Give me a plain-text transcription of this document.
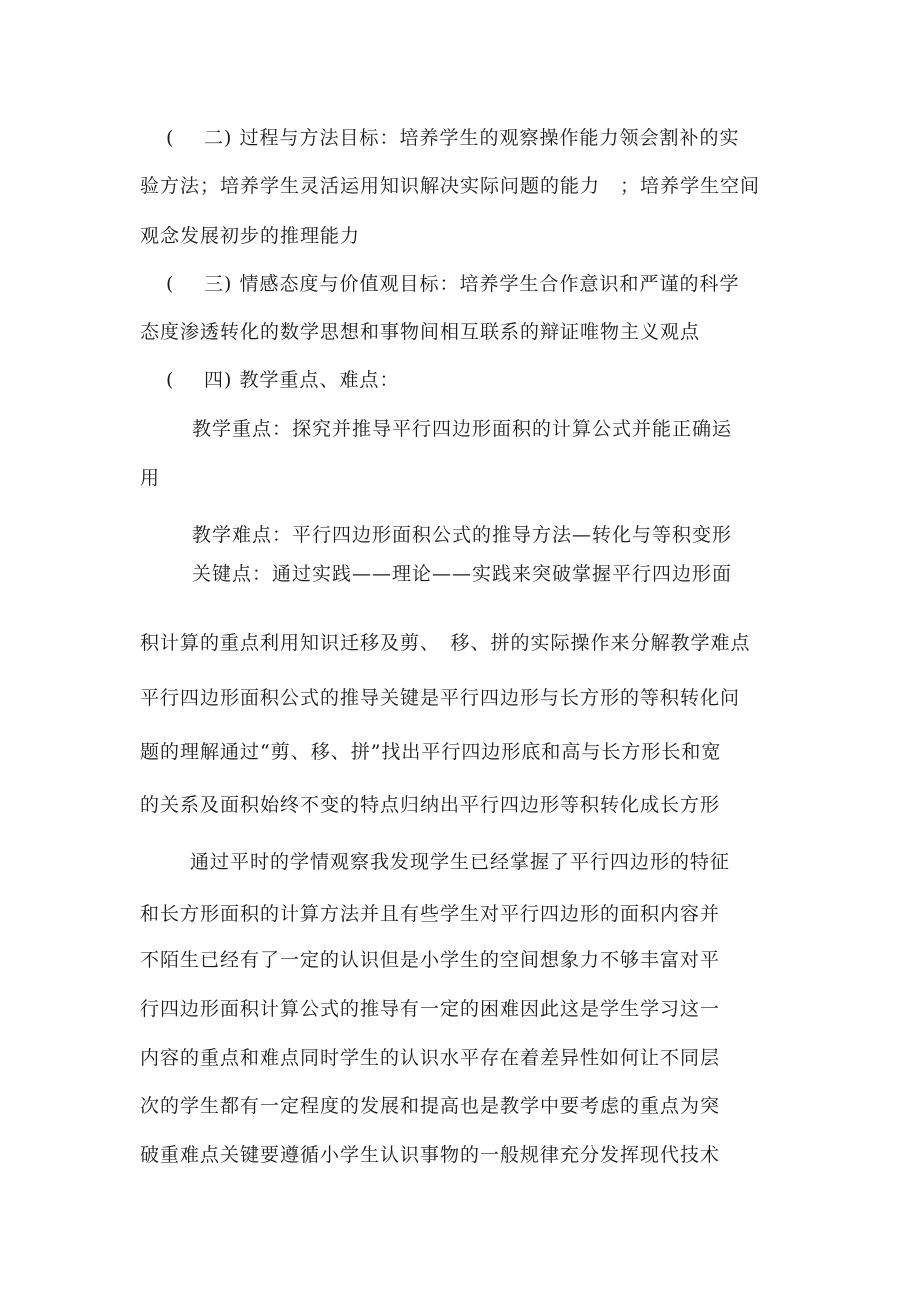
( 二) 过程与方法目标：培养学生的观察操作能力领会割补的实
验方法；培养学生灵活运用知识解决实际问题的能力　；培养学生空间
观念发展初步的推理能力
( 三) 情感态度与价值观目标：培养学生合作意识和严谨的科学
态度渗透转化的数学思想和事物间相互联系的辩证唯物主义观点
( 四) 教学重点、难点：
教学重点：探究并推导平行四边形面积的计算公式并能正确运
用
教学难点：平行四边形面积公式的推导方法—转化与等积变形
关键点：通过实践——理论——实践来突破掌握平行四边形面
积计算的重点利用知识迁移及剪、　移、拼的实际操作来分解教学难点
平行四边形面积公式的推导关键是平行四边形与长方形的等积转化问
题的理解通过“剪、移、拼”找出平行四边形底和高与长方形长和宽
的关系及面积始终不变的特点归纳出平行四边形等积转化成长方形
通过平时的学情观察我发现学生已经掌握了平行四边形的特征
和长方形面积的计算方法并且有些学生对平行四边形的面积内容并
不陌生已经有了一定的认识但是小学生的空间想象力不够丰富对平
行四边形面积计算公式的推导有一定的困难因此这是学生学习这一
内容的重点和难点同时学生的认识水平存在着差异性如何让不同层
次的学生都有一定程度的发展和提高也是教学中要考虑的重点为突
破重难点关键要遵循小学生认识事物的一般规律充分发挥现代技术
